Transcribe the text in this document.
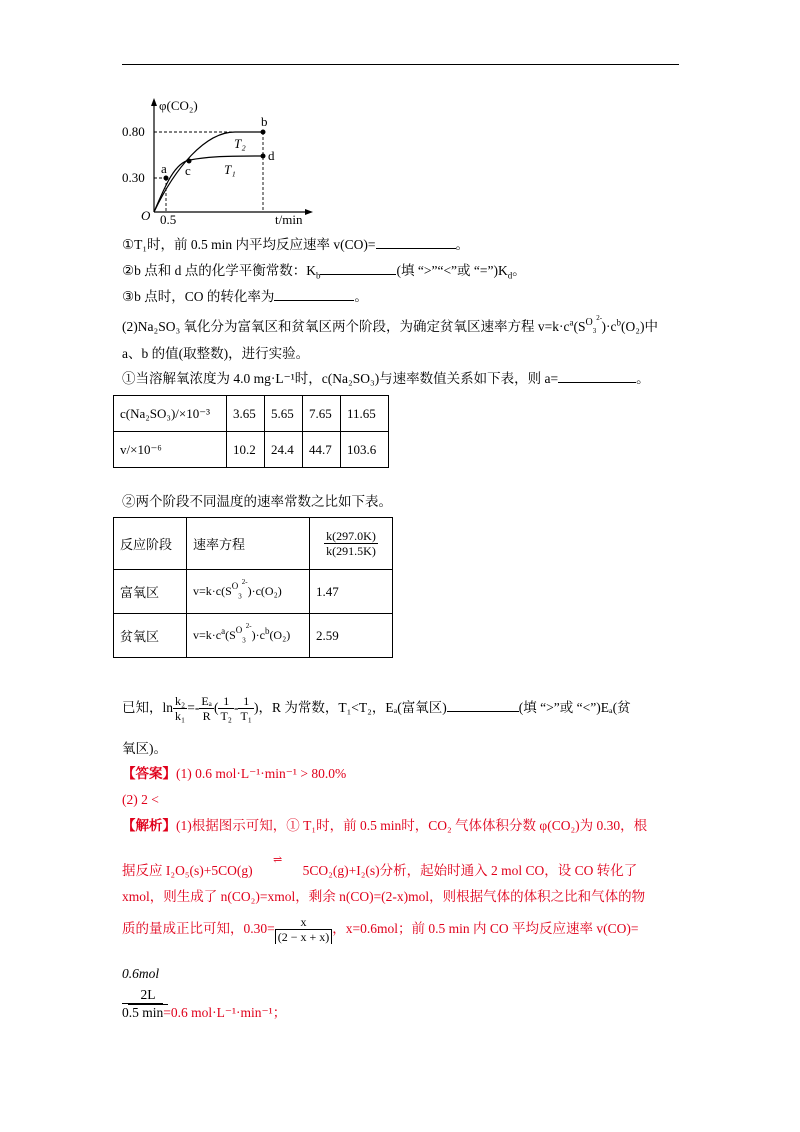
φ(CO₂)
t/min
O 0.5
0.80
0.30
a c
b
d
T₂
T₁
①T₁时，前 0.5 min 内平均反应速率 v(CO)=	。
②b 点和 d 点的化学平衡常数：$K_b$	(填 “>”“<”或 “$=”)K_d$。
③b 点时，CO 的转化率为	。
(2)Na₂SO₃ 氧化分为富氧区和贫氧区两个阶段，为确定贫氧区速率方程 $v=k\cdot c^a(S^O_3^{2-})\cdot c^b(O_2)$中
a、b 的值(取整数)，进行实验。
①当溶解氧浓度为 4.0 mg·L⁻¹时，c(Na₂SO₃)与速率数值关系如下表，则 a=	。
c(Na₂SO₃)/×10⁻³	3.65	5.65	7.65	11.65
v/×10⁻⁶	10.2	24.4	44.7	103.6
②两个阶段不同温度的速率常数之比如下表。
反应阶段	速率方程	$\frac{k(297.0K)}{k(291.5K)}$

富氧区	$v=k\cdot c(S^O_3^{2-})\cdot c(O_2)$	1.47
贫氧区	$v=k\cdot c^a(S^O_3^{2-})\cdot c^b(O_2)$	2.59
已知，$\ln \frac{\text{k₂}}{\text{k₁}} =- \frac{\text{Eₐ}}{R}$ ( $\frac{1}{\text{T₂}} - \frac{1}{\text{T₁}}$ )，R 为常数，T₁<T₂，Eₐ(富氧区)	(填 “>”或 “<”)Eₐ(贫
氧区)。
【答案】(1) 0.6 mol·L⁻¹·min⁻¹ > 80.0%
(2) 2 <
【解析】(1)根据图示可知，① T₁时，前 0.5 min时，CO₂ 气体体积分数 φ(CO₂)为 0.30，根
据反应 I₂O₅(s)+5CO(g)⇌5CO₂(g)+I₂(s)分析，起始时通入 2 mol CO，设 CO 转化了
xmol，则生成了 n(CO₂)=xmol，剩余 n(CO)=(2-x)mol，则根据气体的体积之比和气体的物
质的量成正比可知，$0.30= \frac{x}{(2 - x + x)}$ ，x=0.6mol；前 0.5 min 内 CO 平均反应速率 v(CO)=
0.6mol
2L
0.5 min=0.6 mol·L⁻¹·min⁻¹；
